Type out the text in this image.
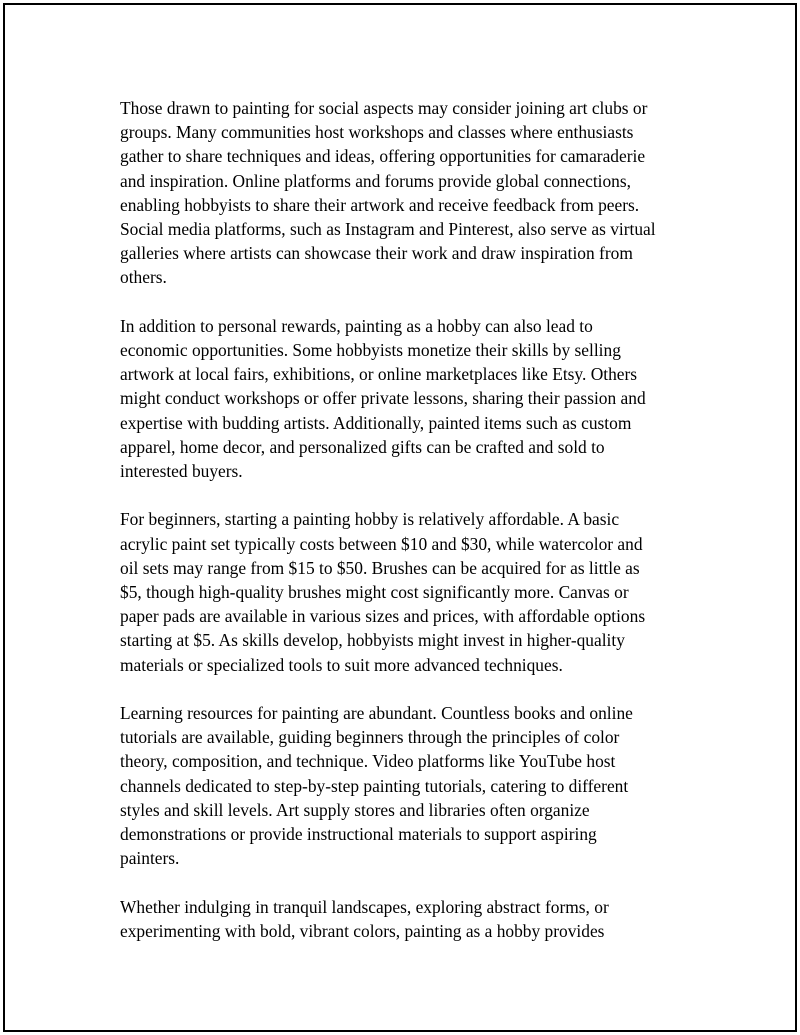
Those drawn to painting for social aspects may consider joining art clubs or
groups. Many communities host workshops and classes where enthusiasts
gather to share techniques and ideas, offering opportunities for camaraderie
and inspiration. Online platforms and forums provide global connections,
enabling hobbyists to share their artwork and receive feedback from peers.
Social media platforms, such as Instagram and Pinterest, also serve as virtual
galleries where artists can showcase their work and draw inspiration from
others.

In addition to personal rewards, painting as a hobby can also lead to
economic opportunities. Some hobbyists monetize their skills by selling
artwork at local fairs, exhibitions, or online marketplaces like Etsy. Others
might conduct workshops or offer private lessons, sharing their passion and
expertise with budding artists. Additionally, painted items such as custom
apparel, home decor, and personalized gifts can be crafted and sold to
interested buyers.

For beginners, starting a painting hobby is relatively affordable. A basic
acrylic paint set typically costs between $10 and $30, while watercolor and
oil sets may range from $15 to $50. Brushes can be acquired for as little as
$5, though high-quality brushes might cost significantly more. Canvas or
paper pads are available in various sizes and prices, with affordable options
starting at $5. As skills develop, hobbyists might invest in higher-quality
materials or specialized tools to suit more advanced techniques.

Learning resources for painting are abundant. Countless books and online
tutorials are available, guiding beginners through the principles of color
theory, composition, and technique. Video platforms like YouTube host
channels dedicated to step-by-step painting tutorials, catering to different
styles and skill levels. Art supply stores and libraries often organize
demonstrations or provide instructional materials to support aspiring
painters.

Whether indulging in tranquil landscapes, exploring abstract forms, or
experimenting with bold, vibrant colors, painting as a hobby provides
